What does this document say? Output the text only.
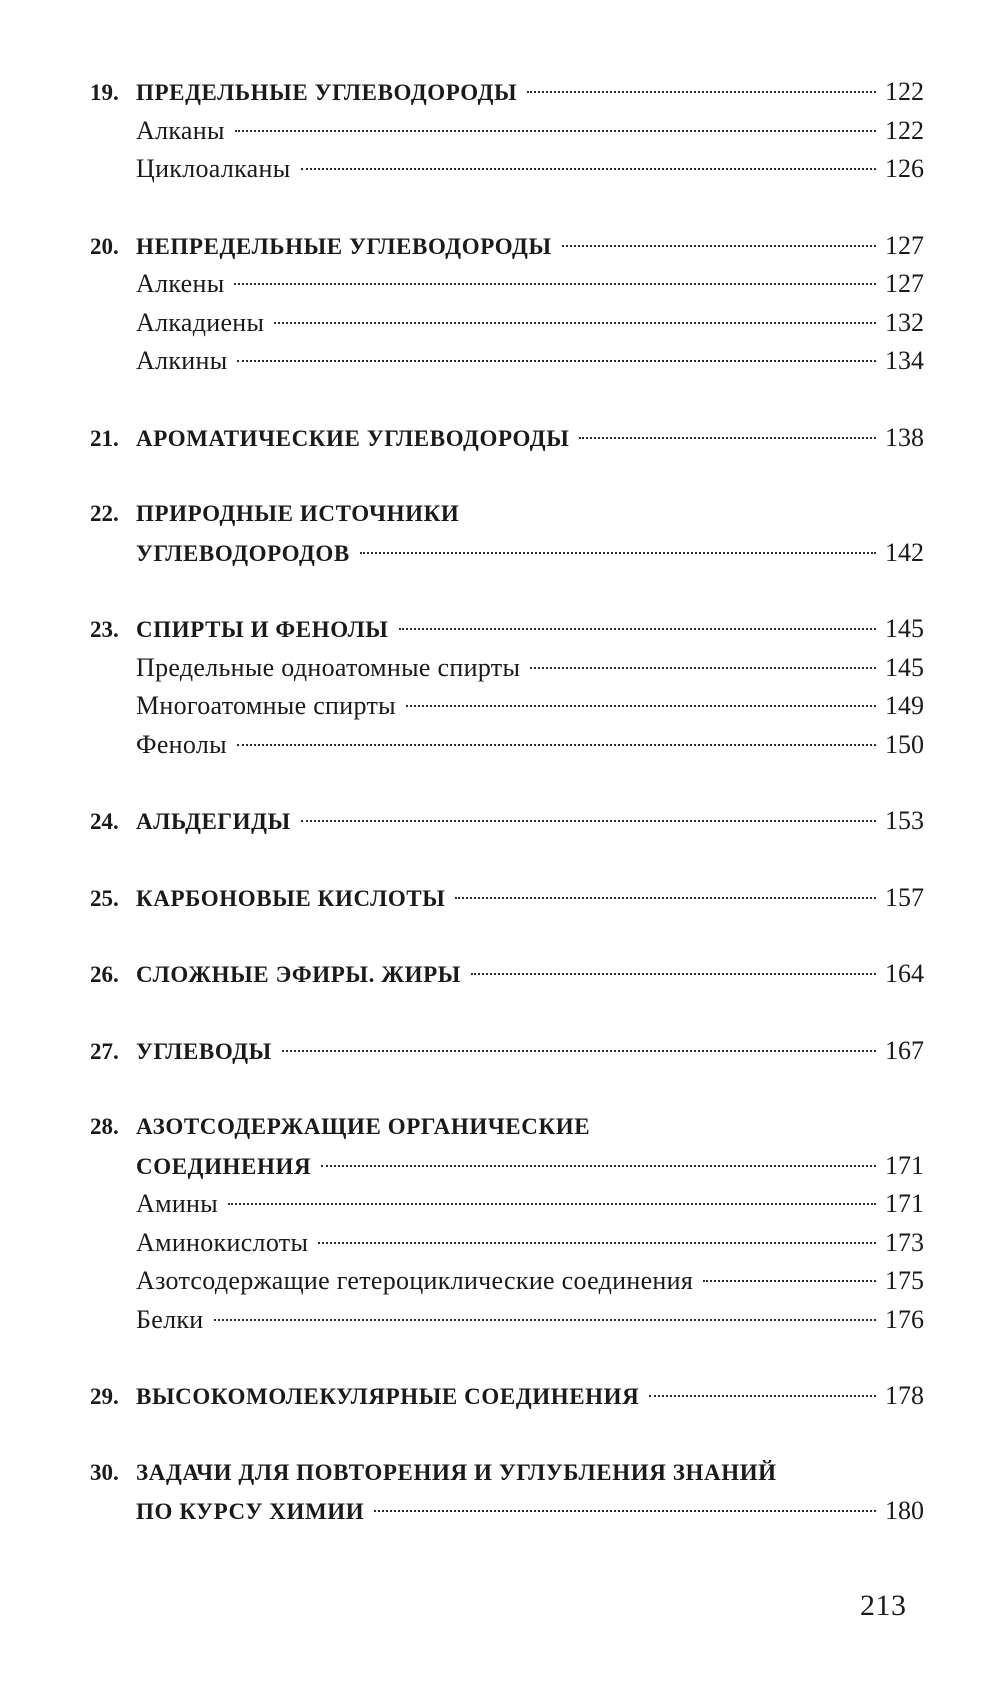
19. ПРЕДЕЛЬНЫЕ УГЛЕВОДОРОДЫ	122
Алканы	122
Циклоалканы	126
20. НЕПРЕДЕЛЬНЫЕ УГЛЕВОДОРОДЫ	127
Алкены	127
Алкадиены	132
Алкины	134
21. АРОМАТИЧЕСКИЕ УГЛЕВОДОРОДЫ	138
22. ПРИРОДНЫЕ ИСТОЧНИКИ
УГЛЕВОДОРОДОВ	142
23. СПИРТЫ И ФЕНОЛЫ	145
Предельные одноатомные спирты	145
Многоатомные спирты	149
Фенолы	150
24. АЛЬДЕГИДЫ	153
25. КАРБОНОВЫЕ КИСЛОТЫ	157
26. СЛОЖНЫЕ ЭФИРЫ. ЖИРЫ	164
27. УГЛЕВОДЫ	167
28. АЗОТСОДЕРЖАЩИЕ ОРГАНИЧЕСКИЕ
СОЕДИНЕНИЯ	171
Амины	171
Аминокислоты	173
Азотсодержащие гетероциклические соединения	175
Белки	176
29. ВЫСОКОМОЛЕКУЛЯРНЫЕ СОЕДИНЕНИЯ	178
30. ЗАДАЧИ ДЛЯ ПОВТОРЕНИЯ И УГЛУБЛЕНИЯ ЗНАНИЙ
ПО КУРСУ ХИМИИ	180
213
